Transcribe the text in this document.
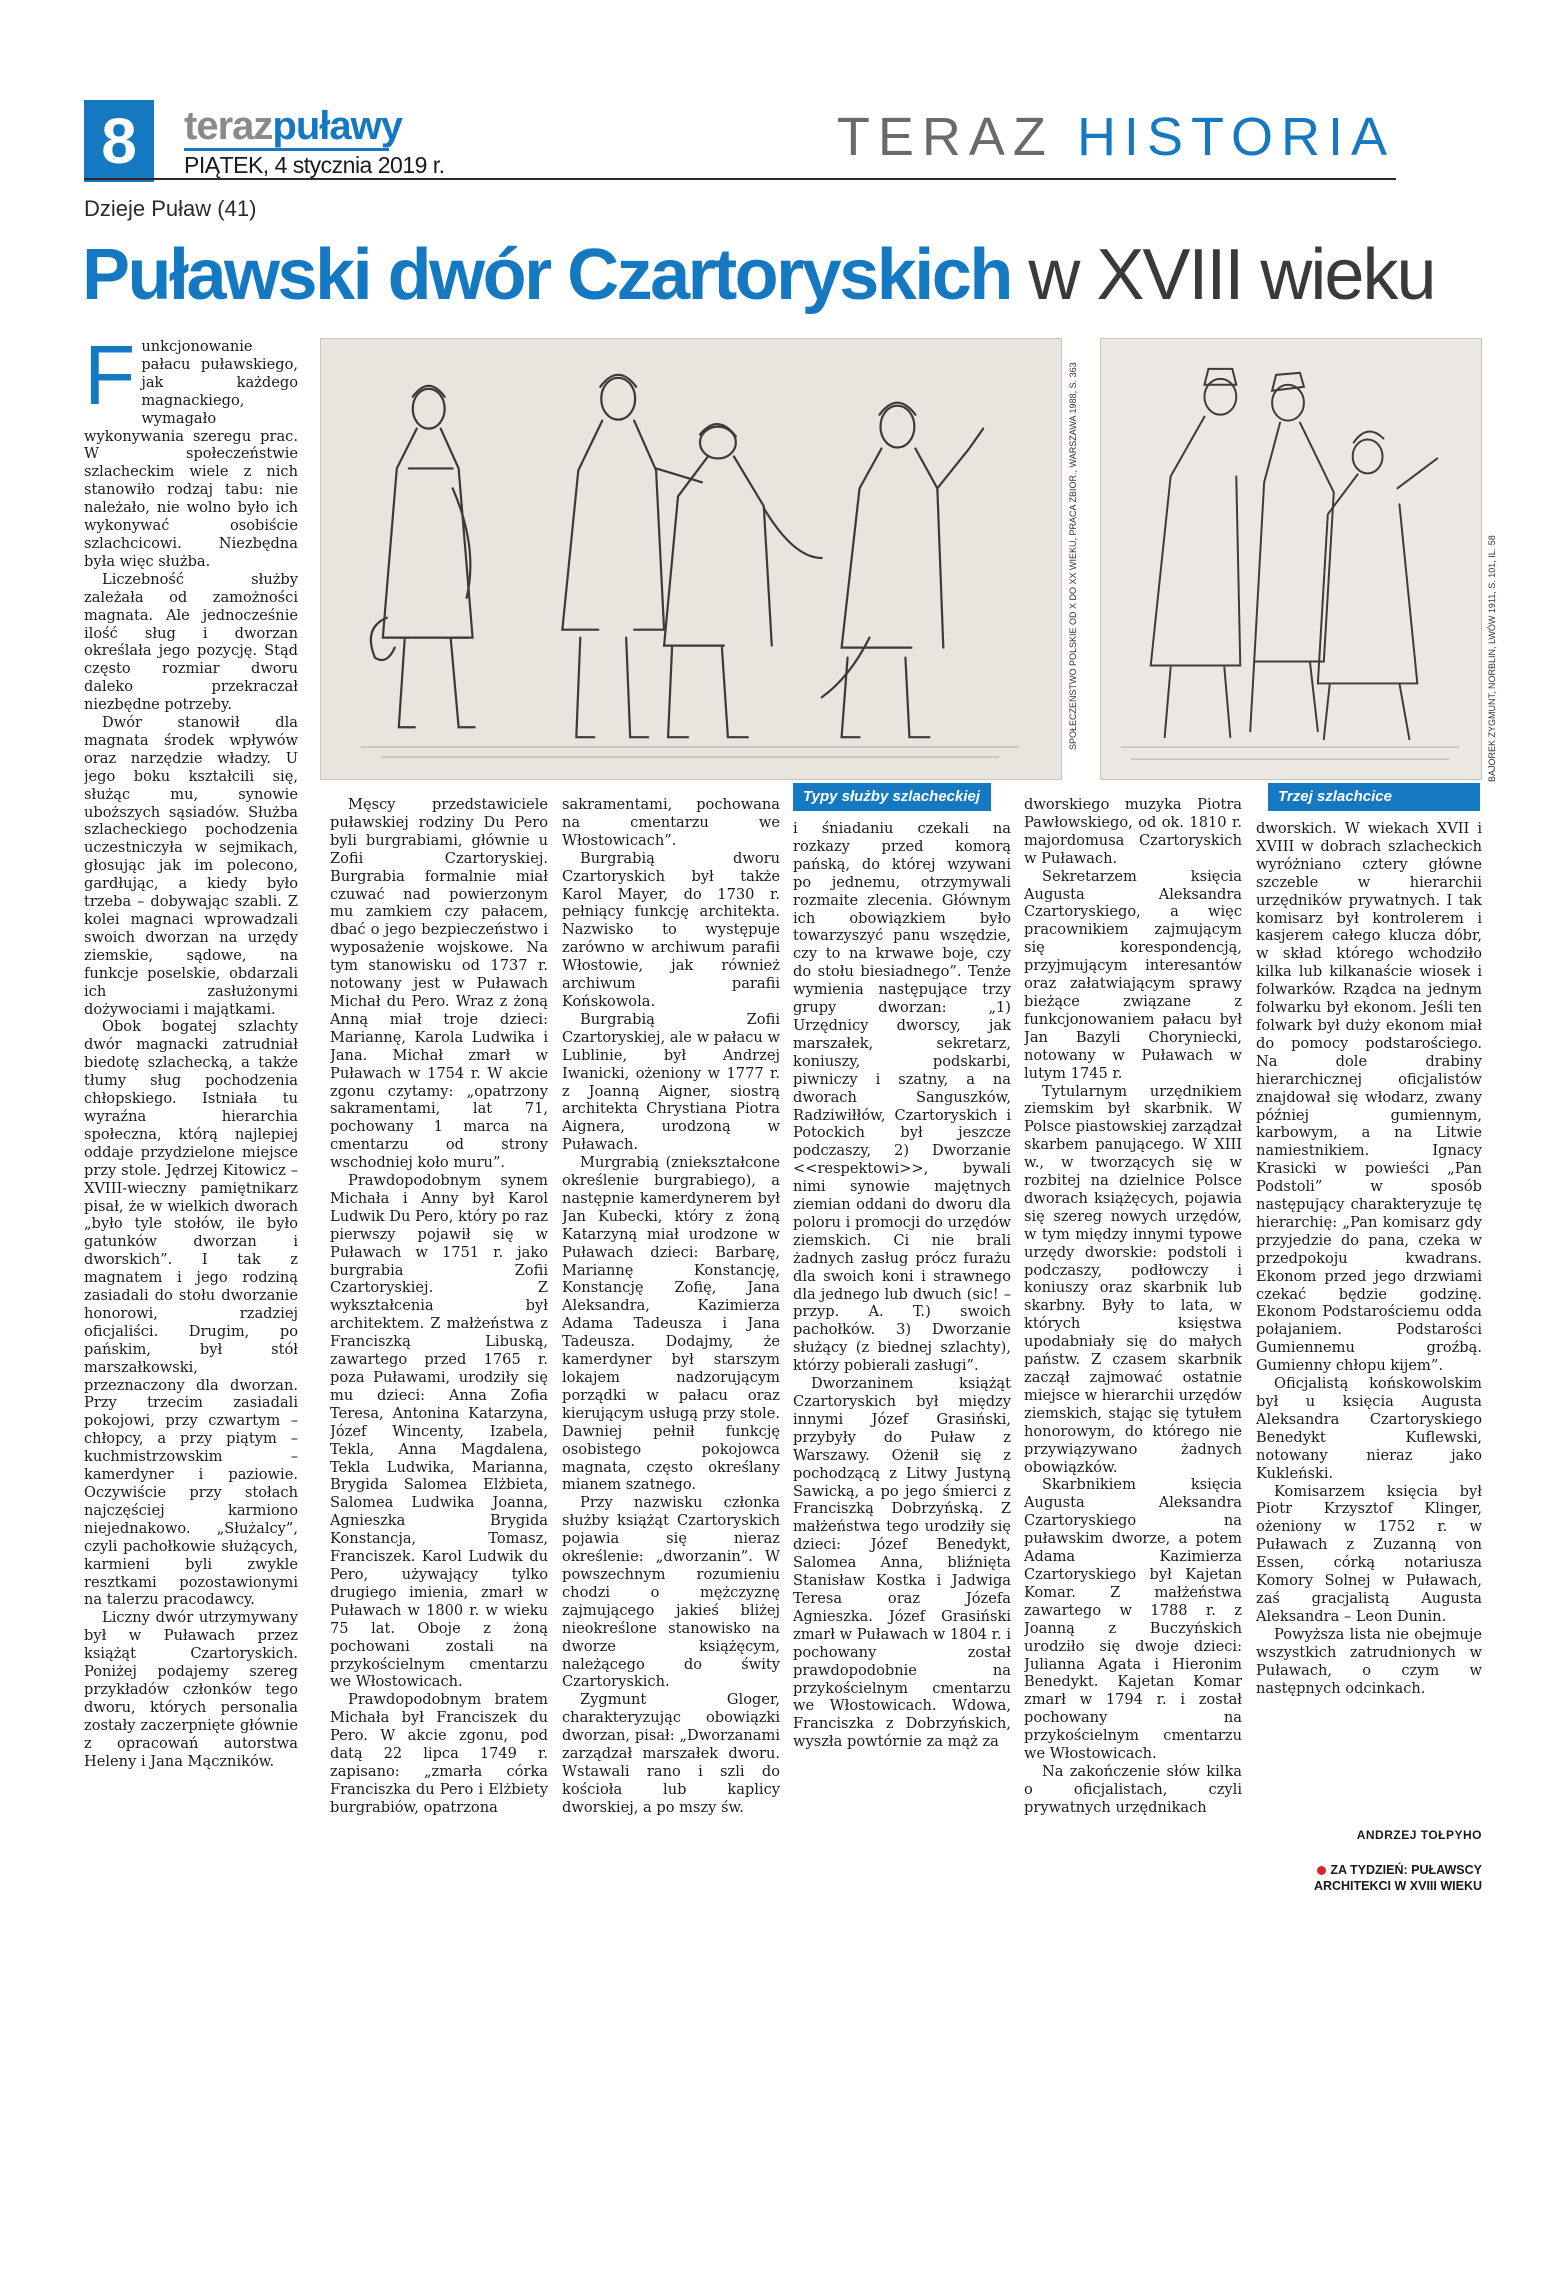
8	terazpuławy
PIĄTEK, 4 stycznia 2019 r.	TERAZ HISTORIA
Dzieje Puław (41)
Puławski dwór Czartoryskich w XVIII wieku
SPOŁECZEŃSTWO POLSKIE OD X DO XX WIEKU, PRACA ZBIOR., WARSZAWA 1988, S. 363
Typy służby szlacheckiej
BAJOREK ZYGMUNT, NORBLIN, LWÓW 1911, S. 101, IL. 58
Trzej szlachcice
F unkcjonowanie pałacu puławskiego, jak każdego magnackiego, wymagało wykonywania szeregu prac. W społeczeństwie szlacheckim wiele z nich stanowiło rodzaj tabu: nie należało, nie wolno było ich wykonywać osobiście szlachcicowi. Niezbędna była więc służba.

Liczebność służby zależała od zamożności magnata. Ale jednocześnie ilość sług i dworzan określała jego pozycję. Stąd często rozmiar dworu daleko przekraczał niezbędne potrzeby.

Dwór stanowił dla magnata środek wpływów oraz narzędzie władzy. U jego boku kształcili się, służąc mu, synowie uboższych sąsiadów. Służba szlacheckiego pochodzenia uczestniczyła w sejmikach, głosując jak im polecono, gardłując, a kiedy było trzeba – dobywając szabli. Z kolei magnaci wprowadzali swoich dworzan na urzędy ziemskie, sądowe, na funkcje poselskie, obdarzali ich zasłużonymi dożywociami i majątkami.

Obok bogatej szlachty dwór magnacki zatrudniał biedotę szlachecką, a także tłumy sług pochodzenia chłopskiego. Istniała tu wyraźna hierarchia społeczna, którą najlepiej oddaje przydzielone miejsce przy stole. Jędrzej Kitowicz – XVIII-wieczny pamiętnikarz pisał, że w wielkich dworach „było tyle stołów, ile było gatunków dworzan i dworskich”. I tak z magnatem i jego rodziną zasiadali do stołu dworzanie honorowi, rzadziej oficjaliści. Drugim, po pańskim, był stół marszałkowski, przeznaczony dla dworzan. Przy trzecim zasiadali pokojowi, przy czwartym – chłopcy, a przy piątym – kuchmistrzowskim – kamerdyner i paziowie. Oczywiście przy stołach najczęściej karmiono niejednakowo. „Służalcy”, czyli pachołkowie służących, karmieni byli zwykle resztkami pozostawionymi na talerzu pracodawcy.

Liczny dwór utrzymywany był w Puławach przez książąt Czartoryskich. Poniżej podajemy szereg przykładów członków tego dworu, których personalia zostały zaczerpnięte głównie z opracowań autorstwa Heleny i Jana Mączników.

Męscy przedstawiciele puławskiej rodziny Du Pero byli burgrabiami, głównie u Zofii Czartoryskiej. Burgrabia formalnie miał czuwać nad powierzonym mu zamkiem czy pałacem, dbać o jego bezpieczeństwo i wyposażenie wojskowe. Na tym stanowisku od 1737 r. notowany jest w Puławach Michał du Pero. Wraz z żoną Anną miał troje dzieci: Mariannę, Karola Ludwika i Jana. Michał zmarł w Puławach w 1754 r. W akcie zgonu czytamy: „opatrzony sakramentami, lat 71, pochowany 1 marca na cmentarzu od strony wschodniej koło muru”.

Prawdopodobnym synem Michała i Anny był Karol Ludwik Du Pero, który po raz pierwszy pojawił się w Puławach w 1751 r. jako burgrabia Zofii Czartoryskiej. Z wykształcenia był architektem. Z małżeństwa z Franciszką Libuską, zawartego przed 1765 r. poza Puławami, urodziły się mu dzieci: Anna Zofia Teresa, Antonina Katarzyna, Józef Wincenty, Izabela, Tekla, Anna Magdalena, Tekla Ludwika, Marianna, Brygida Salomea Elżbieta, Salomea Ludwika Joanna, Agnieszka Brygida Konstancja, Tomasz, Franciszek. Karol Ludwik du Pero, używający tylko drugiego imienia, zmarł w Puławach w 1800 r. w wieku 75 lat. Oboje z żoną pochowani zostali na przykościelnym cmentarzu we Włostowicach.

Prawdopodobnym bratem Michała był Franciszek du Pero. W akcie zgonu, pod datą 22 lipca 1749 r. zapisano: „zmarła córka Franciszka du Pero i Elżbiety burgrabiów, opatrzona

sakramentami, pochowana na cmentarzu we Włostowicach”.

Burgrabią dworu Czartoryskich był także Karol Mayer, do 1730 r. pełniący funkcję architekta. Nazwisko to występuje zarówno w archiwum parafii Włostowie, jak również archiwum parafii Końskowola.

Burgrabią Zofii Czartoryskiej, ale w pałacu w Lublinie, był Andrzej Iwanicki, ożeniony w 1777 r. z Joanną Aigner, siostrą architekta Chrystiana Piotra Aignera, urodzoną w Puławach.

Murgrabią (zniekształcone określenie burgrabiego), a następnie kamerdynerem był Jan Kubecki, który z żoną Katarzyną miał urodzone w Puławach dzieci: Barbarę, Mariannę Konstancję, Konstancję Zofię, Jana Aleksandra, Kazimierza Adama Tadeusza i Jana Tadeusza. Dodajmy, że kamerdyner był starszym lokajem nadzorującym porządki w pałacu oraz kierującym usługą przy stole. Dawniej pełnił funkcję osobistego pokojowca magnata, często określany mianem szatnego.

Przy nazwisku członka służby książąt Czartoryskich pojawia się nieraz określenie: „dworzanin”. W powszechnym rozumieniu chodzi o mężczyznę zajmującego jakieś bliżej nieokreślone stanowisko na dworze książęcym, należącego do świty Czartoryskich.

Zygmunt Gloger, charakteryzując obowiązki dworzan, pisał: „Dworzanami zarządzał marszałek dworu. Wstawali rano i szli do kościoła lub kaplicy dworskiej, a po mszy św.

i śniadaniu czekali na rozkazy przed komorą pańską, do której wzywani po jednemu, otrzymywali rozmaite zlecenia. Głównym ich obowiązkiem było towarzyszyć panu wszędzie, czy to na krwawe boje, czy do stołu biesiadnego”. Tenże wymienia następujące trzy grupy dworzan: „1) Urzędnicy dworscy, jak marszałek, sekretarz, koniuszy, podskarbi, piwniczy i szatny, a na dworach Sanguszków, Radziwiłłów, Czartoryskich i Potockich był jeszcze podczaszy, 2) Dworzanie <<respektowi>>, bywali nimi synowie majętnych ziemian oddani do dworu dla poloru i promocji do urzędów ziemskich. Ci nie brali żadnych zasług prócz furażu dla swoich koni i strawnego dla jednego lub dwuch (sic! – przyp. A. T.) swoich pachołków. 3) Dworzanie służący (z biednej szlachty), którzy pobierali zasługi”.

Dworzaninem książąt Czartoryskich był między innymi Józef Grasiński, przybyły do Puław z Warszawy. Ożenił się z pochodzącą z Litwy Justyną Sawicką, a po jego śmierci z Franciszką Dobrzyńską. Z małżeństwa tego urodziły się dzieci: Józef Benedykt, Salomea Anna, bliźnięta Stanisław Kostka i Jadwiga Teresa oraz Józefa Agnieszka. Józef Grasiński zmarł w Puławach w 1804 r. i pochowany został prawdopodobnie na przykościelnym cmentarzu we Włostowicach. Wdowa, Franciszka z Dobrzyńskich, wyszła powtórnie za mąż za

dworskiego muzyka Piotra Pawłowskiego, od ok. 1810 r. majordomusa Czartoryskich w Puławach.

Sekretarzem księcia Augusta Aleksandra Czartoryskiego, a więc pracownikiem zajmującym się korespondencją, przyjmującym interesantów oraz załatwiającym sprawy bieżące związane z funkcjonowaniem pałacu był Jan Bazyli Choryniecki, notowany w Puławach w lutym 1745 r.

Tytularnym urzędnikiem ziemskim był skarbnik. W Polsce piastowskiej zarządzał skarbem panującego. W XIII w., w tworzących się w rozbitej na dzielnice Polsce dworach książęcych, pojawia się szereg nowych urzędów, w tym między innymi typowe urzędy dworskie: podstoli i podczaszy, podłowczy i koniuszy oraz skarbnik lub skarbny. Były to lata, w których księstwa upodabniały się do małych państw. Z czasem skarbnik zaczął zajmować ostatnie miejsce w hierarchii urzędów ziemskich, stając się tytułem honorowym, do którego nie przywiązywano żadnych obowiązków.

Skarbnikiem księcia Augusta Aleksandra Czartoryskiego na puławskim dworze, a potem Adama Kazimierza Czartoryskiego był Kajetan Komar. Z małżeństwa zawartego w 1788 r. z Joanną z Buczyńskich urodziło się dwoje dzieci: Julianna Agata i Hieronim Benedykt. Kajetan Komar zmarł w 1794 r. i został pochowany na przykościelnym cmentarzu we Włostowicach.

Na zakończenie słów kilka o oficjalistach, czyli prywatnych urzędnikach

dworskich. W wiekach XVII i XVIII w dobrach szlacheckich wyróżniano cztery główne szczeble w hierarchii urzędników prywatnych. I tak komisarz był kontrolerem i kasjerem całego klucza dóbr, w skład którego wchodziło kilka lub kilkanaście wiosek i folwarków. Rządca na jednym folwarku był ekonom. Jeśli ten folwark był duży ekonom miał do pomocy podstarościego. Na dole drabiny hierarchicznej oficjalistów znajdował się włodarz, zwany później gumiennym, karbowym, a na Litwie namiestnikiem. Ignacy Krasicki w powieści „Pan Podstoli” w sposób następujący charakteryzuje tę hierarchię: „Pan komisarz gdy przyjedzie do pana, czeka w przedpokoju kwadrans. Ekonom przed jego drzwiami czekać będzie godzinę. Ekonom Podstarościemu odda połajaniem. Podstarości Gumiennemu groźbą. Gumienny chłopu kijem”.

Oficjalistą końskowolskim był u księcia Augusta Aleksandra Czartoryskiego Benedykt Kuflewski, notowany nieraz jako Kukleński.

Komisarzem księcia był Piotr Krzysztof Klinger, ożeniony w 1752 r. w Puławach z Zuzanną von Essen, córką notariusza Komory Solnej w Puławach, zaś gracjalistą Augusta Aleksandra – Leon Dunin.

Powyższa lista nie obejmuje wszystkich zatrudnionych w Puławach, o czym w następnych odcinkach.

ANDRZEJ TOŁPYHO
ZA TYDZIEŃ: PUŁAWSCY
ARCHITEKCI W XVIII WIEKU
